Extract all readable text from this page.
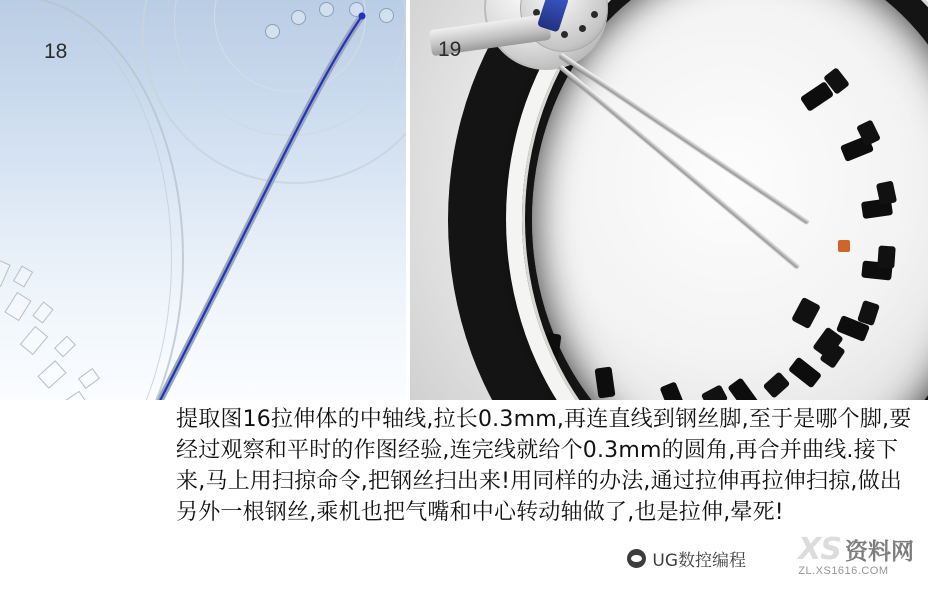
18	19
提取图16拉伸体的中轴线,拉长0.3mm,再连直线到钢丝脚,至于是哪个脚,要经过观察和平时的作图经验,连完线就给个0.3mm的圆角,再合并曲线.接下来,马上用扫掠命令,把钢丝扫出来!用同样的办法,通过拉伸再拉伸扫掠,做出另外一根钢丝,乘机也把气嘴和中心转动轴做了,也是拉伸,晕死!
UG数控编程 XS 资料网
ZL.XS1616.COM
